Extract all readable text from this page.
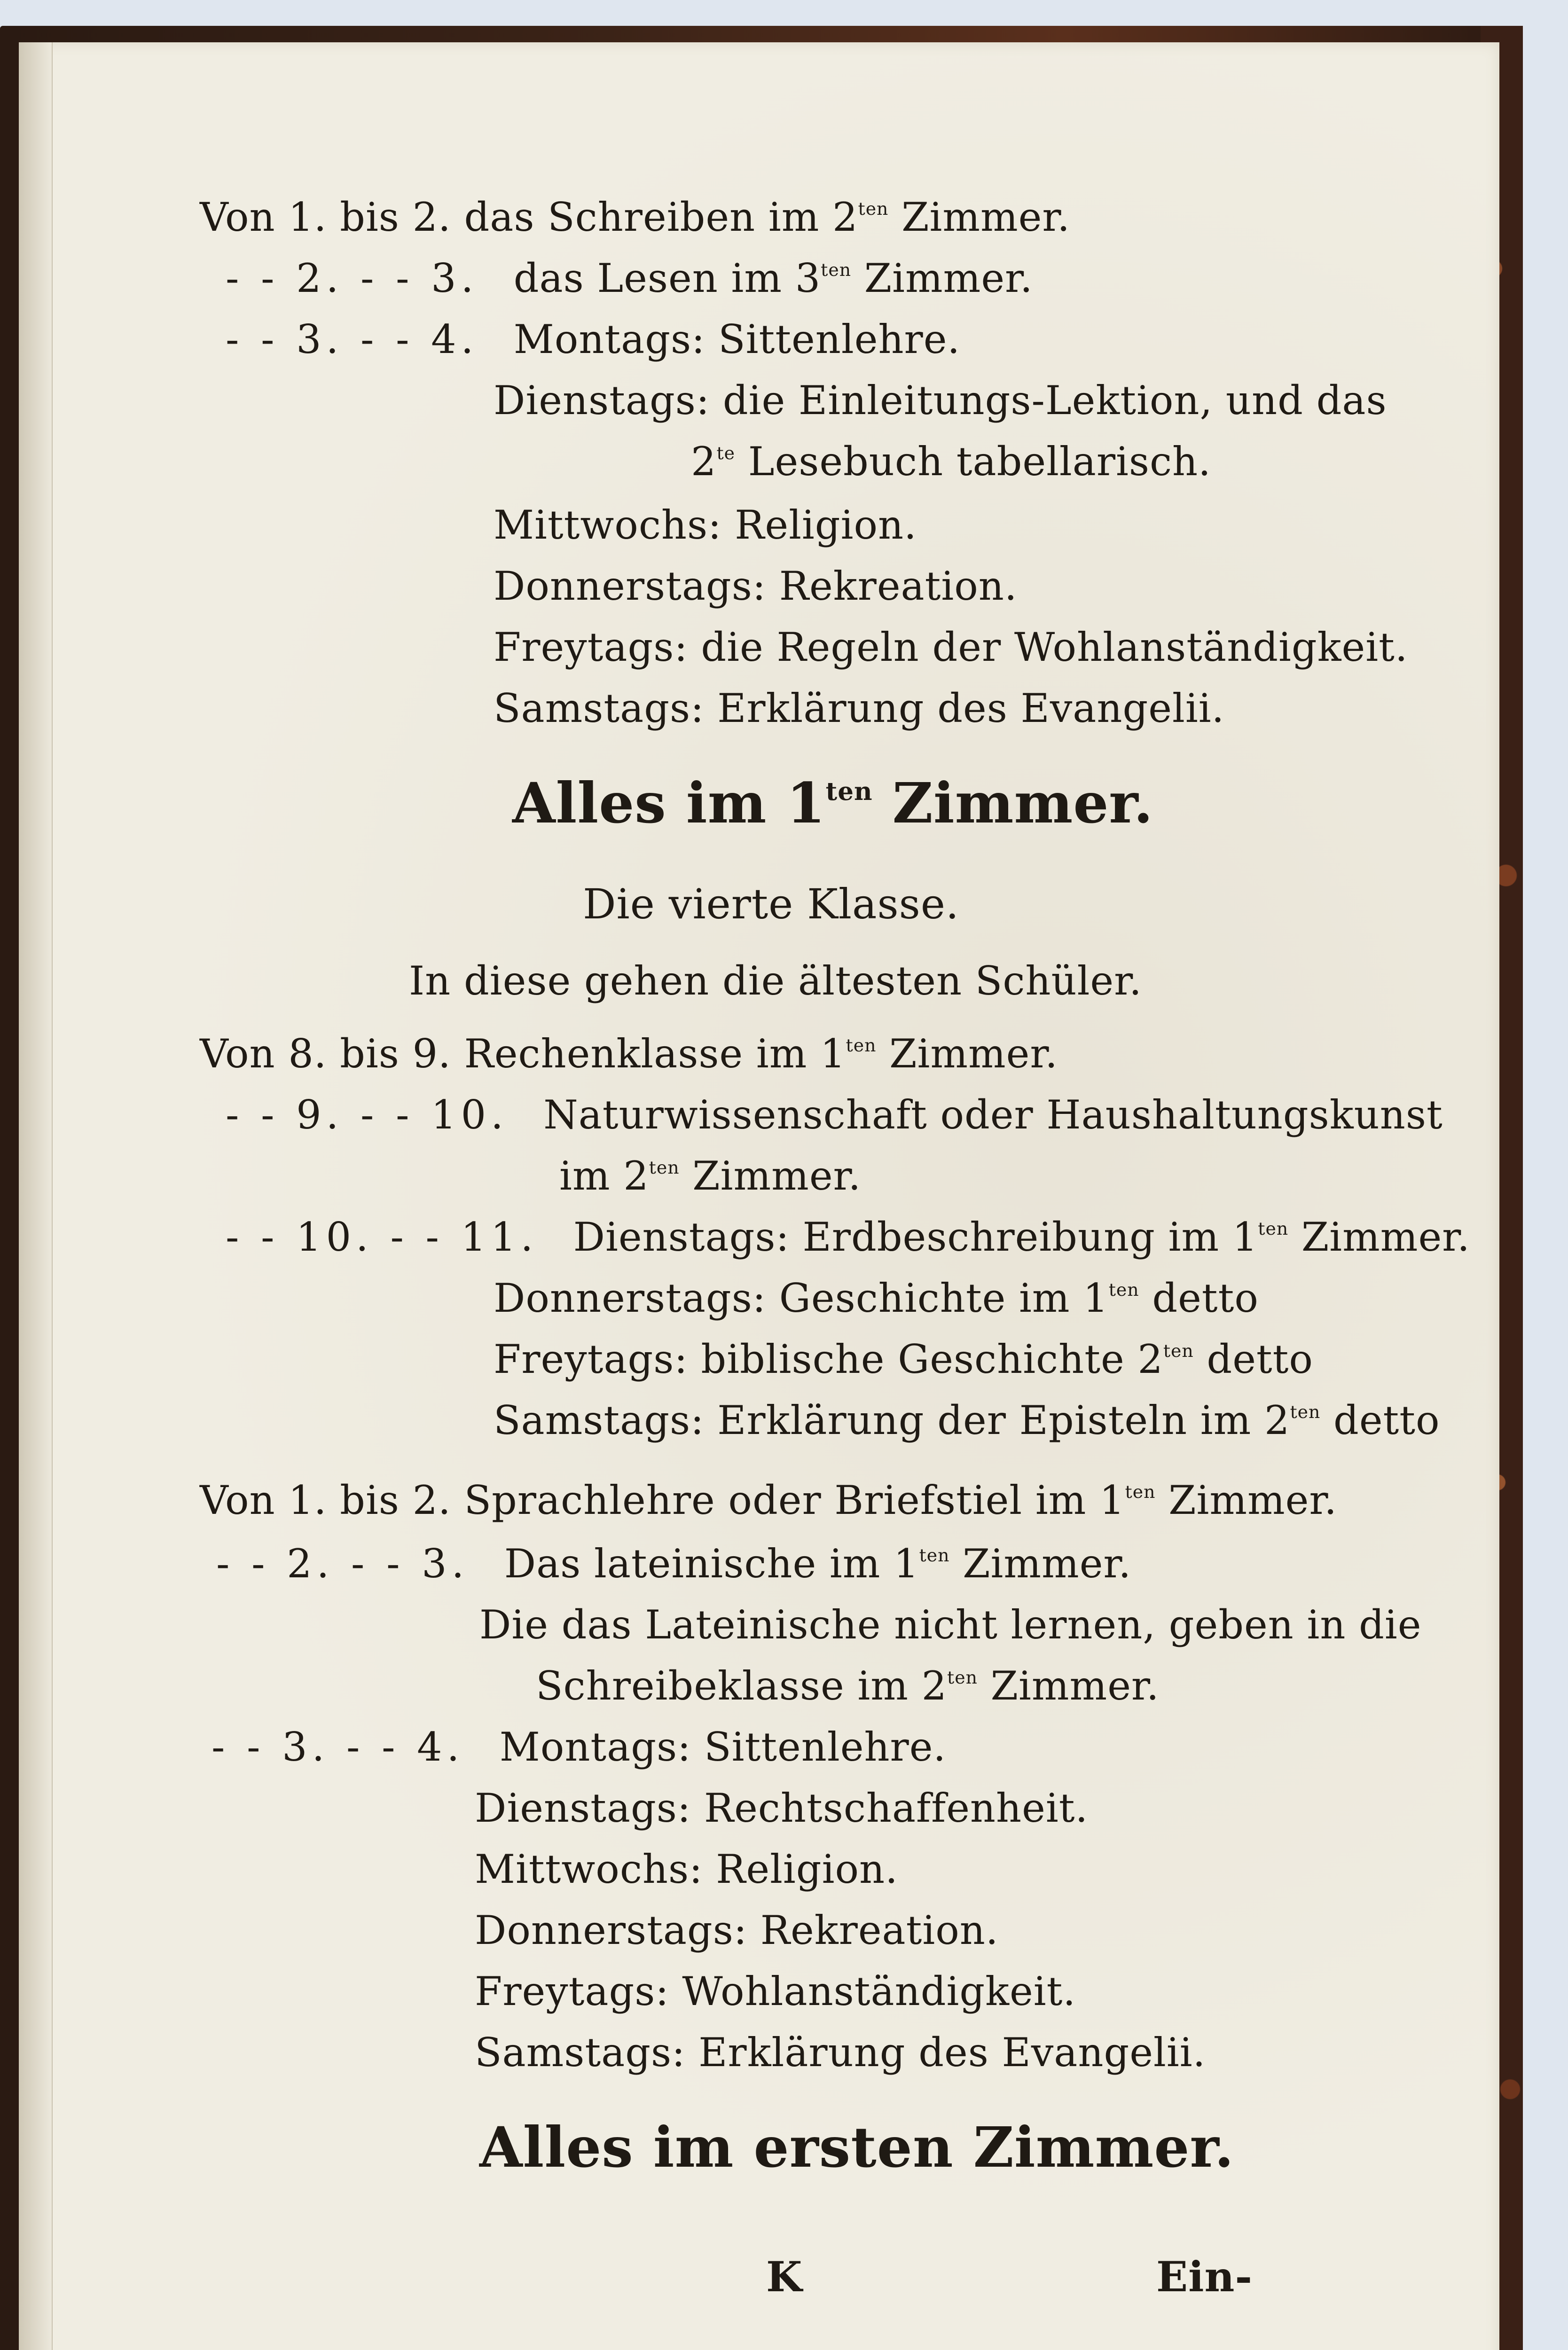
Von 1. bis 2. das Schreiben im $2^{ten}$ Zimmer.
- - 2. - - 3. das Lesen im $3^{ten}$ Zimmer.
- - 3. - - 4. Montags: Sittenlehre.
Dienstags: die Einleitungs-Lektion, und das
$2^{te}$ Lesebuch tabellarisch.
Mittwochs: Religion.
Donnerstags: Rekreation.
Freytags: die Regeln der Wohlanständigkeit.
Samstags: Erklärung des Evangelii.
Alles im $1^{ten}$ Zimmer.
Die vierte Klasse.
In diese gehen die ältesten Schüler.
Von 8. bis 9. Rechenklasse im $1^{ten}$ Zimmer.
- - 9. - - 10. Naturwissenschaft oder Haushaltungskunst
im $2^{ten}$ Zimmer.
- - 10. - - 11. Dienstags: Erdbeschreibung im $1^{ten}$ Zimmer.
Donnerstags: Geschichte im $1^{ten}$ detto
Freytags: biblische Geschichte $2^{ten}$ detto
Samstags: Erklärung der Episteln im $2^{ten}$ detto
Von 1. bis 2. Sprachlehre oder Briefstiel im $1^{ten}$ Zimmer.
- - 2. - - 3. Das lateinische im $1^{ten}$ Zimmer.
Die das Lateinische nicht lernen, geben in die
Schreibeklasse im $2^{ten}$ Zimmer.
- - 3. - - 4. Montags: Sittenlehre.
Dienstags: Rechtschaffenheit.
Mittwochs: Religion.
Donnerstags: Rekreation.
Freytags: Wohlanständigkeit.
Samstags: Erklärung des Evangelii.
Alles im ersten Zimmer.
K	Ein-
